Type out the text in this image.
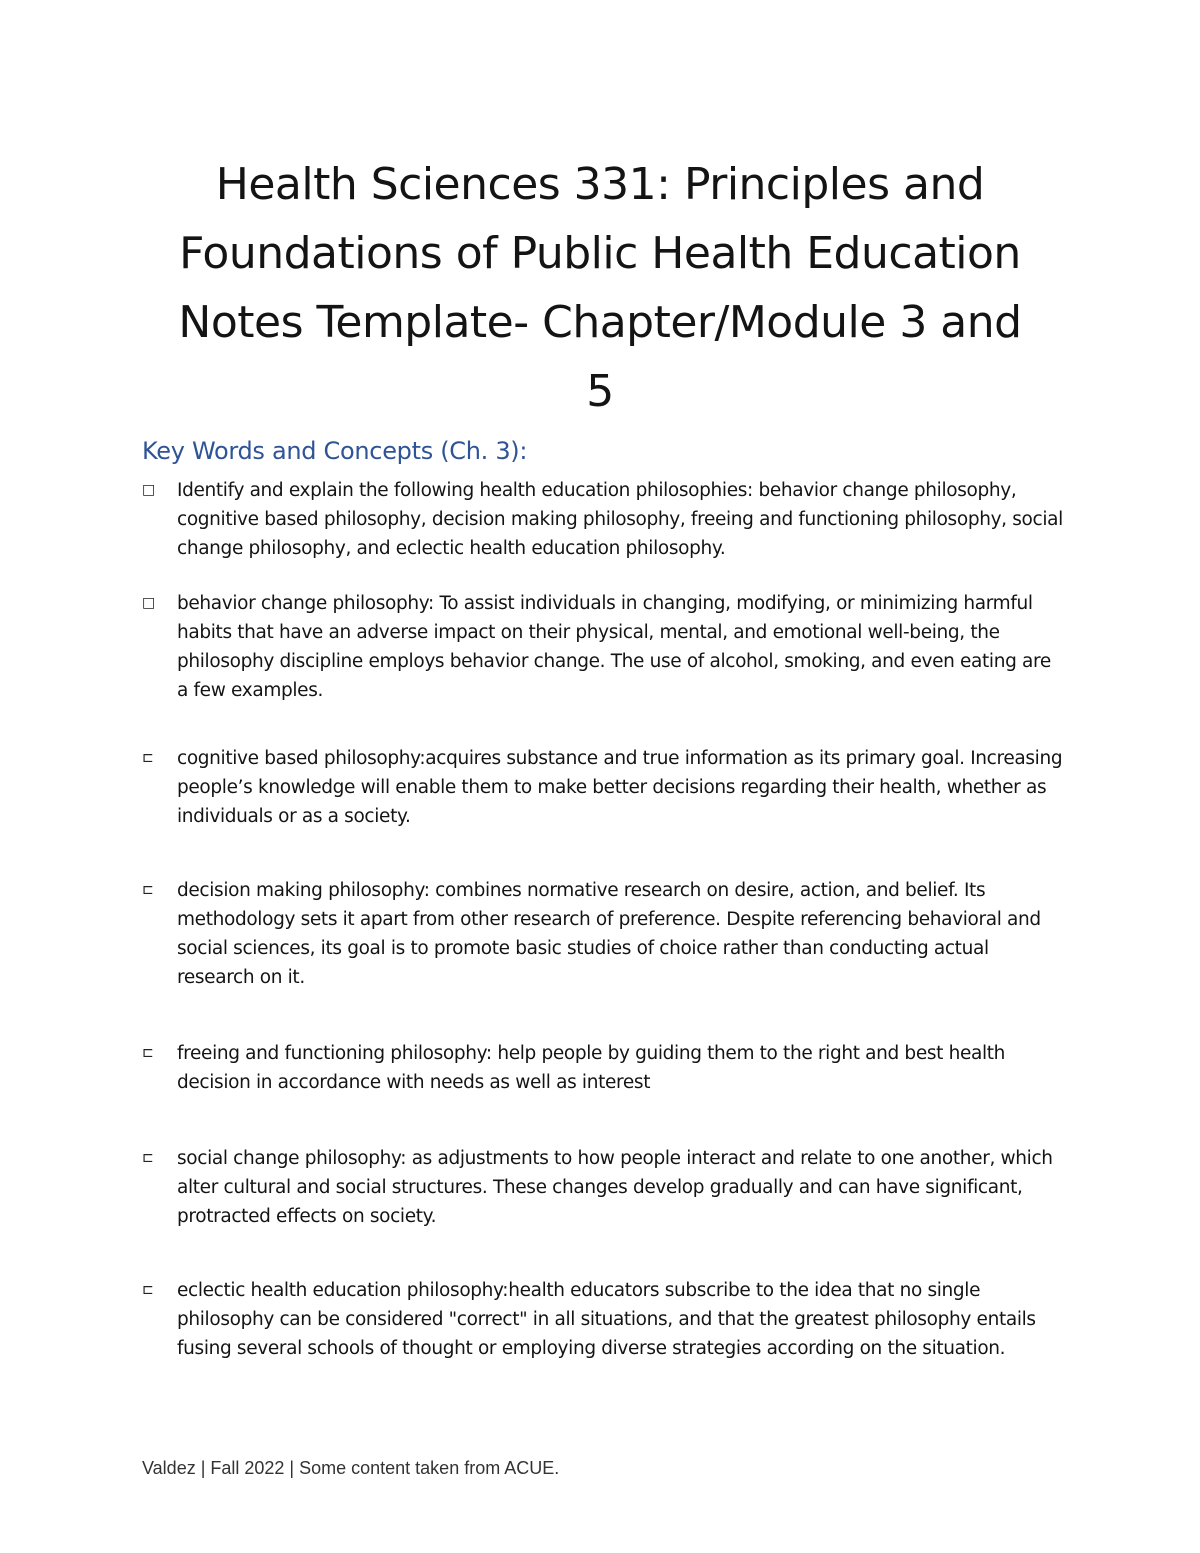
Health Sciences 331: Principles and
Foundations of Public Health Education
Notes Template- Chapter/Module 3 and
5
Key Words and Concepts (Ch. 3):
□	Identify and explain the following health education philosophies: behavior change philosophy, cognitive based philosophy, decision making philosophy, freeing and functioning philosophy, social change philosophy, and eclectic health education philosophy.
□	behavior change philosophy: To assist individuals in changing, modifying, or minimizing harmful habits that have an adverse impact on their physical, mental, and emotional well-being, the philosophy discipline employs behavior change. The use of alcohol, smoking, and even eating are a few examples.
⊏	cognitive based philosophy:acquires substance and true information as its primary goal. Increasing people’s knowledge will enable them to make better decisions regarding their health, whether as individuals or as a society.
⊏	decision making philosophy: combines normative research on desire, action, and belief. Its methodology sets it apart from other research of preference. Despite referencing behavioral and social sciences, its goal is to promote basic studies of choice rather than conducting actual research on it.
⊏	freeing and functioning philosophy: help people by guiding them to the right and best health decision in accordance with needs as well as interest
⊏	social change philosophy: as adjustments to how people interact and relate to one another, which alter cultural and social structures. These changes develop gradually and can have significant, protracted effects on society.
⊏	eclectic health education philosophy:health educators subscribe to the idea that no single philosophy can be considered "correct" in all situations, and that the greatest philosophy entails fusing several schools of thought or employing diverse strategies according on the situation.
Valdez | Fall 2022 | Some content taken from ACUE.
